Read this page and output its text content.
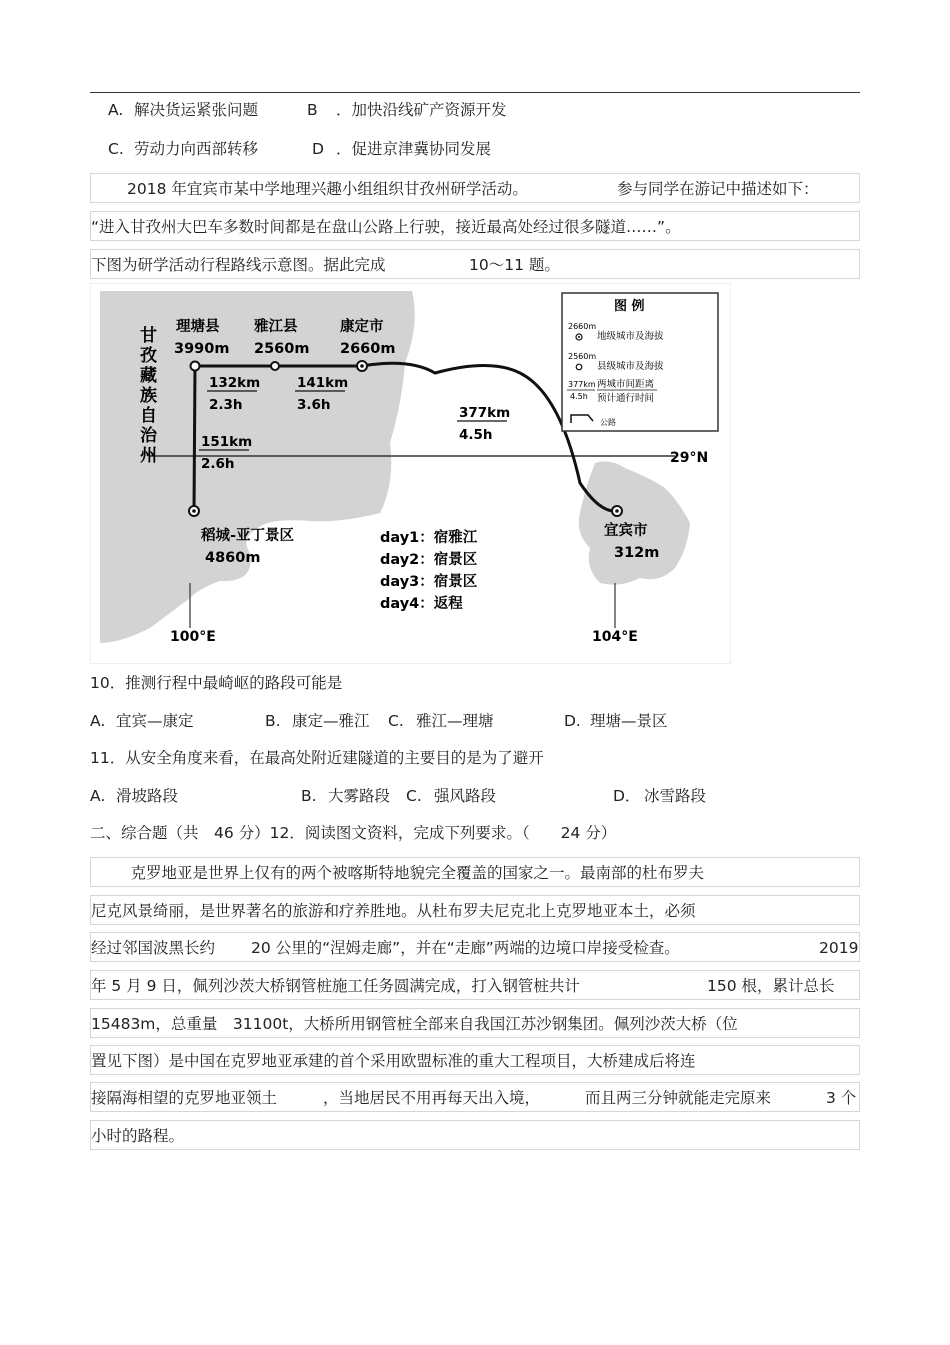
A. 解决货运紧张问题	B ．加快沿线矿产资源开发
C. 劳动力向西部转移	D ．促进京津冀协同发展
2018 年宜宾市某中学地理兴趣小组组织甘孜州研学活动。	参与同学在游记中描述如下：
“进入甘孜州大巴车多数时间都是在盘山公路上行驶，接近最高处经过很多隧道……”。
下图为研学活动行程路线示意图。据此完成	10～11 题。
29°N
100°E	104°E
甘
孜
藏
族
自
治
州
理塘县
3990m
雅江县
2560m
康定市
2660m
宜宾市
312m
稻城-亚丁景区
4860m
132km
2.3h
141km
3.6h	377km
4.5h
151km
2.6h
day1：宿雅江
day2：宿景区
day3：宿景区
day4：返程
图 例
2660m
地级城市及海拔
2560m
县级城市及海拔
377km
4.5h
两城市间距离
预计通行时间
公路
10．推测行程中最崎岖的路段可能是
A. 宜宾—康定	B. 康定—雅江 C. 雅江—理塘	D. 理塘—景区
11．从安全角度来看，在最高处附近建隧道的主要目的是为了避开
A. 滑坡路段	B. 大雾路段 C. 强风路段	D． 冰雪路段
二、综合题（共　46 分）12．阅读图文资料，完成下列要求。（　　24 分）
　克罗地亚是世界上仅有的两个被喀斯特地貌完全覆盖的国家之一。最南部的杜布罗夫
尼克风景绮丽，是世界著名的旅游和疗养胜地。从杜布罗夫尼克北上克罗地亚本土，必须
经过邻国波黑长约 20 公里的“涅姆走廊”，并在“走廊”两端的边境口岸接受检查。	2019
年 5 月 9 日，佩列沙茨大桥钢管桩施工任务圆满完成，打入钢管桩共计	150 根，累计总长
15483m，总重量　31100t，大桥所用钢管桩全部来自我国江苏沙钢集团。佩列沙茨大桥（位
置见下图）是中国在克罗地亚承建的首个采用欧盟标准的重大工程项目，大桥建成后将连
接隔海相望的克罗地亚领土	，当地居民不用再每天出入境，	而且两三分钟就能走完原来	3 个
小时的路程。
